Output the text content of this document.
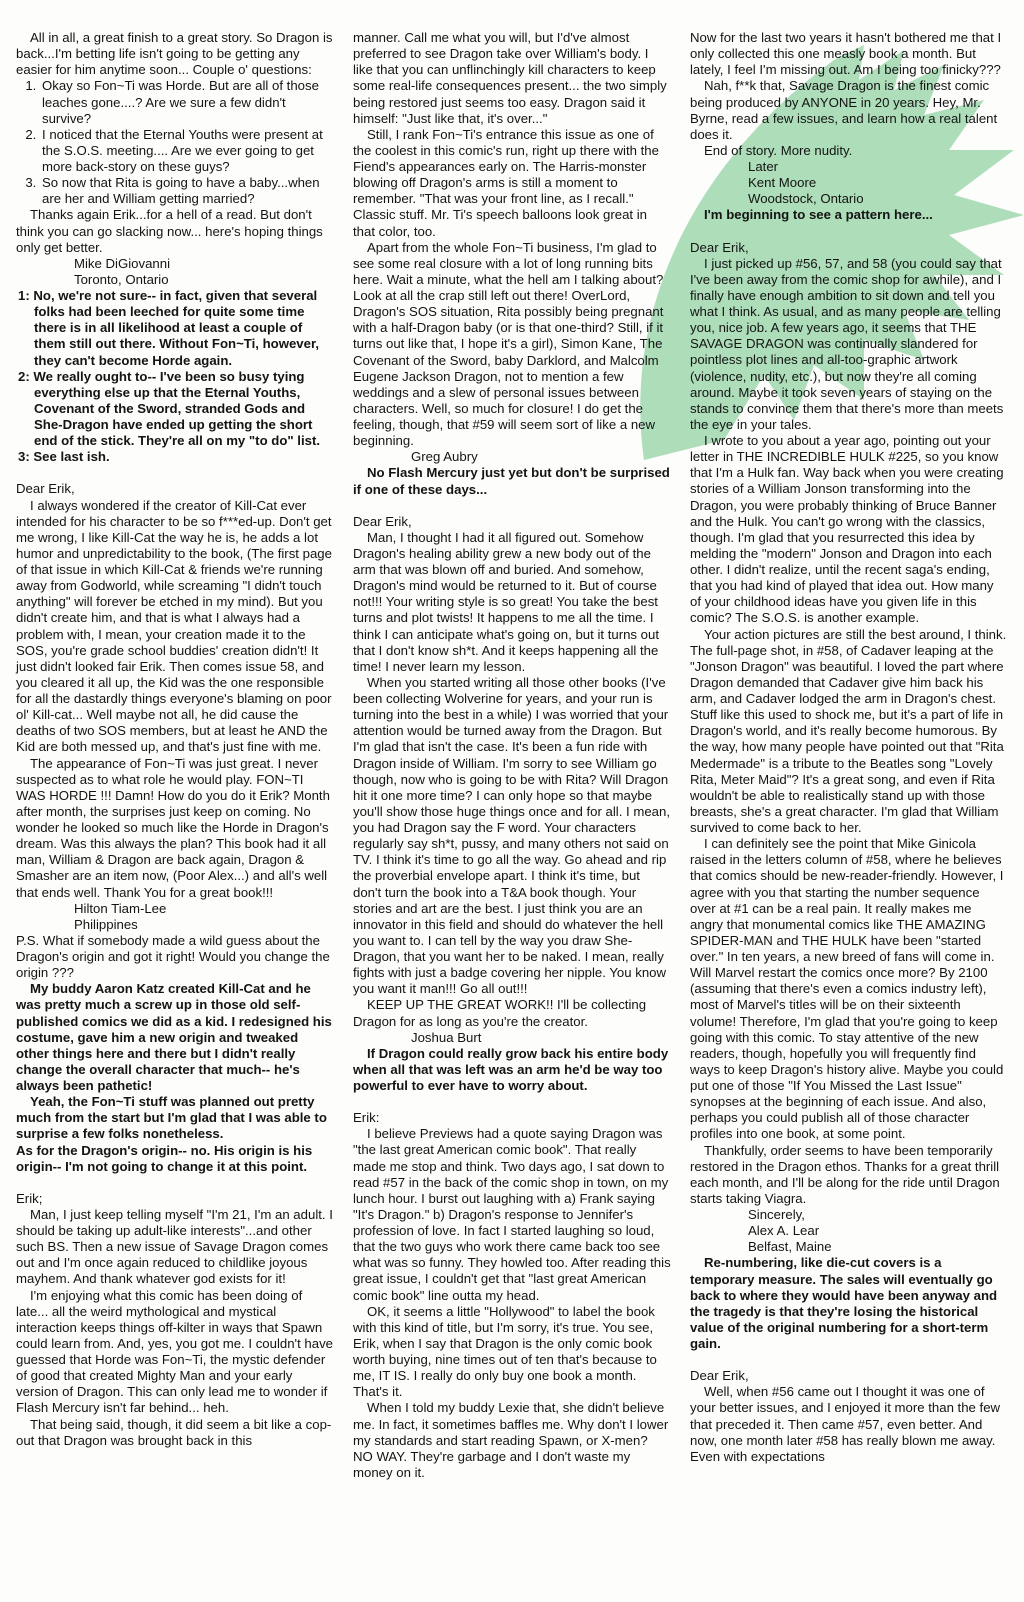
All in all, a great finish to a great story. So Dragon is back...I'm betting life isn't going to be getting any easier for him anytime soon... Couple o' questions:

1. Okay so Fon~Ti was Horde. But are all of those leaches gone....? Are we sure a few didn't survive?
2. I noticed that the Eternal Youths were present at the S.O.S. meeting.... Are we ever going to get more back-story on these guys?
3. So now that Rita is going to have a baby...when are her and William getting married?

Thanks again Erik...for a hell of a read. But don't think you can go slacking now... here's hoping things only get better.

Mike DiGiovanni

Toronto, Ontario

1: No, we're not sure-- in fact, given that several folks had been leeched for quite some time there is in all likelihood at least a couple of them still out there. Without Fon~Ti, however, they can't become Horde again.
2: We really ought to-- I've been so busy tying everything else up that the Eternal Youths, Covenant of the Sword, stranded Gods and She-Dragon have ended up getting the short end of the stick. They're all on my "to do" list.
3: See last ish.

Dear Erik,

I always wondered if the creator of Kill-Cat ever intended for his character to be so f***ed-up. Don't get me wrong, I like Kill-Cat the way he is, he adds a lot humor and unpredictability to the book, (The first page of that issue in which Kill-Cat & friends we're running away from Godworld, while screaming "I didn't touch anything" will forever be etched in my mind). But you didn't create him, and that is what I always had a problem with, I mean, your creation made it to the SOS, you're grade school buddies' creation didn't! It just didn't looked fair Erik. Then comes issue 58, and you cleared it all up, the Kid was the one responsible for all the dastardly things everyone's blaming on poor ol' Kill-cat... Well maybe not all, he did cause the deaths of two SOS members, but at least he AND the Kid are both messed up, and that's just fine with me.

The appearance of Fon~Ti was just great. I never suspected as to what role he would play. FON~TI WAS HORDE !!! Damn! How do you do it Erik? Month after month, the surprises just keep on coming. No wonder he looked so much like the Horde in Dragon's dream. Was this always the plan? This book had it all man, William & Dragon are back again, Dragon & Smasher are an item now, (Poor Alex...) and all's well that ends well. Thank You for a great book!!!

Hilton Tiam-Lee

Philippines

P.S. What if somebody made a wild guess about the Dragon's origin and got it right! Would you change the origin ???

My buddy Aaron Katz created Kill-Cat and he was pretty much a screw up in those old self-published comics we did as a kid. I redesigned his costume, gave him a new origin and tweaked other things here and there but I didn't really change the overall character that much-- he's always been pathetic!

Yeah, the Fon~Ti stuff was planned out pretty much from the start but I'm glad that I was able to surprise a few folks nonetheless.

As for the Dragon's origin-- no. His origin is his origin-- I'm not going to change it at this point.

Erik;

Man, I just keep telling myself "I'm 21, I'm an adult. I should be taking up adult-like interests"...and other such BS. Then a new issue of Savage Dragon comes out and I'm once again reduced to childlike joyous mayhem. And thank whatever god exists for it!

I'm enjoying what this comic has been doing of late... all the weird mythological and mystical interaction keeps things off-kilter in ways that Spawn could learn from. And, yes, you got me. I couldn't have guessed that Horde was Fon~Ti, the mystic defender of good that created Mighty Man and your early version of Dragon. This can only lead me to wonder if Flash Mercury isn't far behind... heh.

That being said, though, it did seem a bit like a cop-out that Dragon was brought back in this

manner. Call me what you will, but I'd've almost preferred to see Dragon take over William's body. I like that you can unflinchingly kill characters to keep some real-life consequences present... the two simply being restored just seems too easy. Dragon said it himself: "Just like that, it's over..."

Still, I rank Fon~Ti's entrance this issue as one of the coolest in this comic's run, right up there with the Fiend's appearances early on. The Harris-monster blowing off Dragon's arms is still a moment to remember. "That was your front line, as I recall." Classic stuff. Mr. Ti's speech balloons look great in that color, too.

Apart from the whole Fon~Ti business, I'm glad to see some real closure with a lot of long running bits here. Wait a minute, what the hell am I talking about? Look at all the crap still left out there! OverLord, Dragon's SOS situation, Rita possibly being pregnant with a half-Dragon baby (or is that one-third? Still, if it turns out like that, I hope it's a girl), Simon Kane, The Covenant of the Sword, baby Darklord, and Malcolm Eugene Jackson Dragon, not to mention a few weddings and a slew of personal issues between characters. Well, so much for closure! I do get the feeling, though, that #59 will seem sort of like a new beginning.

Greg Aubry

No Flash Mercury just yet but don't be surprised if one of these days...

Dear Erik,

Man, I thought I had it all figured out. Somehow Dragon's healing ability grew a new body out of the arm that was blown off and buried. And somehow, Dragon's mind would be returned to it. But of course not!!! Your writing style is so great! You take the best turns and plot twists! It happens to me all the time. I think I can anticipate what's going on, but it turns out that I don't know sh*t. And it keeps happening all the time! I never learn my lesson.

When you started writing all those other books (I've been collecting Wolverine for years, and your run is turning into the best in a while) I was worried that your attention would be turned away from the Dragon. But I'm glad that isn't the case. It's been a fun ride with Dragon inside of William. I'm sorry to see William go though, now who is going to be with Rita? Will Dragon hit it one more time? I can only hope so that maybe you'll show those huge things once and for all. I mean, you had Dragon say the F word. Your characters regularly say sh*t, pussy, and many others not said on TV. I think it's time to go all the way. Go ahead and rip the proverbial envelope apart. I think it's time, but don't turn the book into a T&A book though. Your stories and art are the best. I just think you are an innovator in this field and should do whatever the hell you want to. I can tell by the way you draw She-Dragon, that you want her to be naked. I mean, really fights with just a badge covering her nipple. You know you want it man!!! Go all out!!!

KEEP UP THE GREAT WORK!! I'll be collecting Dragon for as long as you're the creator.

Joshua Burt

If Dragon could really grow back his entire body when all that was left was an arm he'd be way too powerful to ever have to worry about.

Erik:

I believe Previews had a quote saying Dragon was "the last great American comic book". That really made me stop and think. Two days ago, I sat down to read #57 in the back of the comic shop in town, on my lunch hour. I burst out laughing with a) Frank saying "It's Dragon." b) Dragon's response to Jennifer's profession of love. In fact I started laughing so loud, that the two guys who work there came back too see what was so funny. They howled too. After reading this great issue, I couldn't get that "last great American comic book" line outta my head.

OK, it seems a little "Hollywood" to label the book with this kind of title, but I'm sorry, it's true. You see, Erik, when I say that Dragon is the only comic book worth buying, nine times out of ten that's because to me, IT IS. I really do only buy one book a month. That's it.

When I told my buddy Lexie that, she didn't believe me. In fact, it sometimes baffles me. Why don't I lower my standards and start reading Spawn, or X-men? NO WAY. They're garbage and I don't waste my money on it.

Now for the last two years it hasn't bothered me that I only collected this one measly book a month. But lately, I feel I'm missing out. Am I being too finicky???

Nah, f**k that, Savage Dragon is the finest comic being produced by ANYONE in 20 years. Hey, Mr. Byrne, read a few issues, and learn how a real talent does it.

End of story. More nudity.

Later

Kent Moore

Woodstock, Ontario

I'm beginning to see a pattern here...

Dear Erik,

I just picked up #56, 57, and 58 (you could say that I've been away from the comic shop for awhile), and I finally have enough ambition to sit down and tell you what I think. As usual, and as many people are telling you, nice job. A few years ago, it seems that THE SAVAGE DRAGON was continually slandered for pointless plot lines and all-too-graphic artwork (violence, nudity, etc.), but now they're all coming around. Maybe it took seven years of staying on the stands to convince them that there's more than meets the eye in your tales.

I wrote to you about a year ago, pointing out your letter in THE INCREDIBLE HULK #225, so you know that I'm a Hulk fan. Way back when you were creating stories of a William Jonson transforming into the Dragon, you were probably thinking of Bruce Banner and the Hulk. You can't go wrong with the classics, though. I'm glad that you resurrected this idea by melding the "modern" Jonson and Dragon into each other. I didn't realize, until the recent saga's ending, that you had kind of played that idea out. How many of your childhood ideas have you given life in this comic? The S.O.S. is another example.

Your action pictures are still the best around, I think. The full-page shot, in #58, of Cadaver leaping at the "Jonson Dragon" was beautiful. I loved the part where Dragon demanded that Cadaver give him back his arm, and Cadaver lodged the arm in Dragon's chest. Stuff like this used to shock me, but it's a part of life in Dragon's world, and it's really become humorous. By the way, how many people have pointed out that "Rita Medermade" is a tribute to the Beatles song "Lovely Rita, Meter Maid"? It's a great song, and even if Rita wouldn't be able to realistically stand up with those breasts, she's a great character. I'm glad that William survived to come back to her.

I can definitely see the point that Mike Ginicola raised in the letters column of #58, where he believes that comics should be new-reader-friendly. However, I agree with you that starting the number sequence over at #1 can be a real pain. It really makes me angry that monumental comics like THE AMAZING SPIDER-MAN and THE HULK have been "started over." In ten years, a new breed of fans will come in. Will Marvel restart the comics once more? By 2100 (assuming that there's even a comics industry left), most of Marvel's titles will be on their sixteenth volume! Therefore, I'm glad that you're going to keep going with this comic. To stay attentive of the new readers, though, hopefully you will frequently find ways to keep Dragon's history alive. Maybe you could put one of those "If You Missed the Last Issue" synopses at the beginning of each issue. And also, perhaps you could publish all of those character profiles into one book, at some point.

Thankfully, order seems to have been temporarily restored in the Dragon ethos. Thanks for a great thrill each month, and I'll be along for the ride until Dragon starts taking Viagra.

Sincerely,

Alex A. Lear

Belfast, Maine

Re-numbering, like die-cut covers is a temporary measure. The sales will eventually go back to where they would have been anyway and the tragedy is that they're losing the historical value of the original numbering for a short-term gain.

Dear Erik,

Well, when #56 came out I thought it was one of your better issues, and I enjoyed it more than the few that preceded it. Then came #57, even better. And now, one month later #58 has really blown me away. Even with expectations
